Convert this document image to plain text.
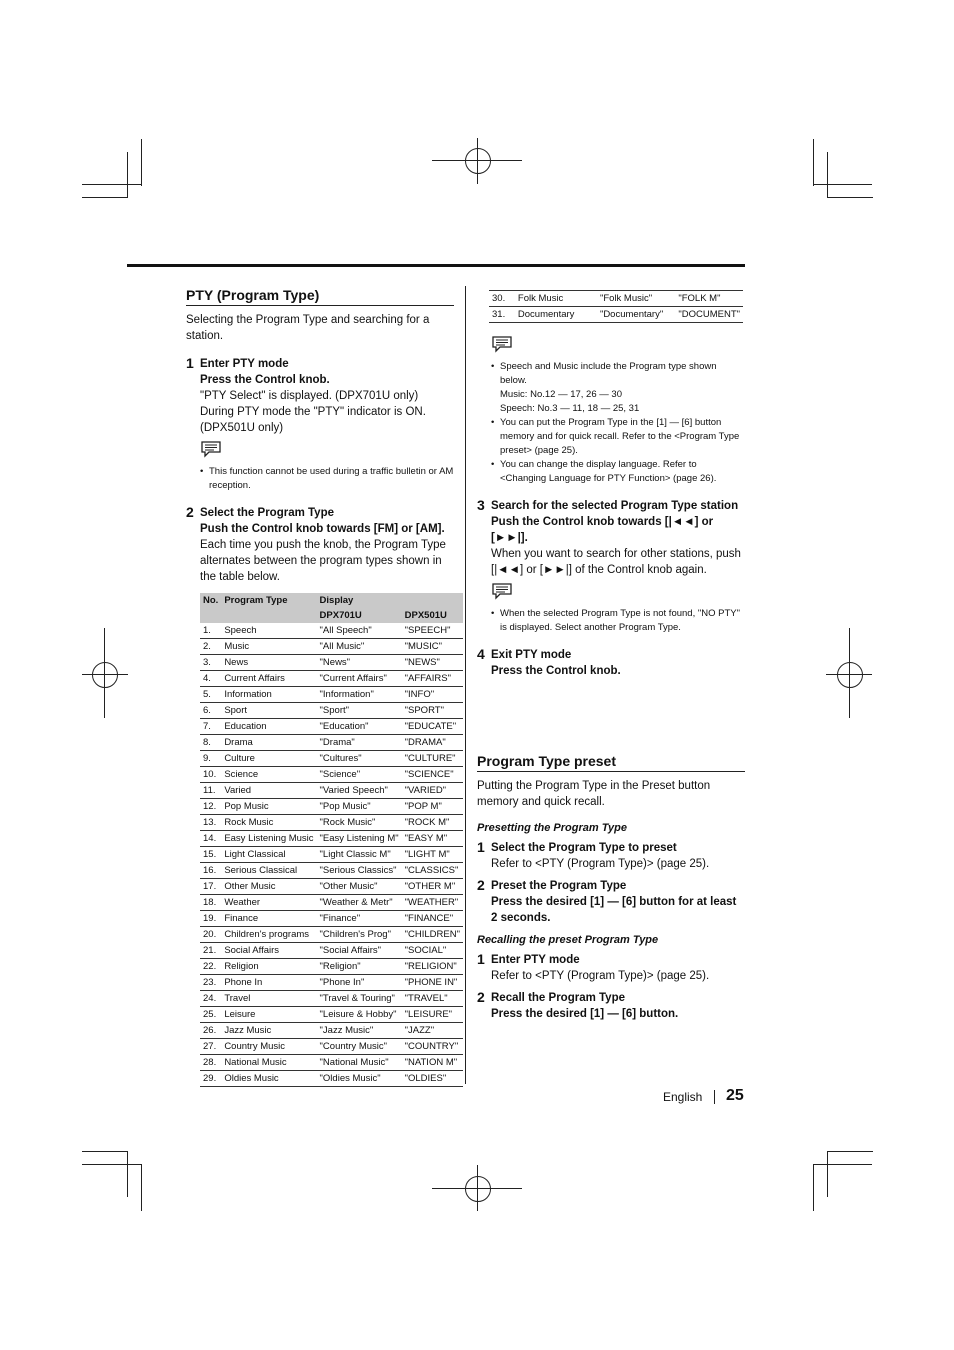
PTY (Program Type)

Selecting the Program Type and searching for a station.

1 Enter PTY mode
Press the Control knob.
"PTY Select" is displayed. (DPX701U only)
During PTY mode the "PTY" indicator is ON. (DPX501U only)
• This function cannot be used during a traffic bulletin or AM reception.
2 Select the Program Type
Push the Control knob towards [FM] or [AM].
Each time you push the knob, the Program Type alternates between the program types shown in the table below.
No.	Program Type	Display	
		DPX701U	DPX501U
1.	Speech	"All Speech"	"SPEECH"
2.	Music	"All Music"	"MUSIC"
3.	News	"News"	"NEWS"
4.	Current Affairs	"Current Affairs"	"AFFAIRS"
5.	Information	"Information"	"INFO"
6.	Sport	"Sport"	"SPORT"
7.	Education	"Education"	"EDUCATE"
8.	Drama	"Drama"	"DRAMA"
9.	Culture	"Cultures"	"CULTURE"
10.	Science	"Science"	"SCIENCE"
11.	Varied	"Varied Speech"	"VARIED"
12.	Pop Music	"Pop Music"	"POP M"
13.	Rock Music	"Rock Music"	"ROCK M"
14.	Easy Listening Music	"Easy Listening M"	"EASY M"
15.	Light Classical	"Light Classic M"	"LIGHT M"
16.	Serious Classical	"Serious Classics"	"CLASSICS"
17.	Other Music	"Other Music"	"OTHER M"
18.	Weather	"Weather & Metr"	"WEATHER"
19.	Finance	"Finance"	"FINANCE"
20.	Children's programs	"Children's Prog"	"CHILDREN"
21.	Social Affairs	"Social Affairs"	"SOCIAL"
22.	Religion	"Religion"	"RELIGION"
23.	Phone In	"Phone In"	"PHONE IN"
24.	Travel	"Travel & Touring"	"TRAVEL"
25.	Leisure	"Leisure & Hobby"	"LEISURE"
26.	Jazz Music	"Jazz Music"	"JAZZ"
27.	Country Music	"Country Music"	"COUNTRY"
28.	National Music	"National Music"	"NATION M"
29.	Oldies Music	"Oldies Music"	"OLDIES"
30.	Folk Music	"Folk Music"	"FOLK M"
31.	Documentary	"Documentary"	"DOCUMENT"
• Speech and Music include the Program type shown below.
Music: No.12 — 17, 26 — 30
Speech: No.3 — 11, 18 — 25, 31
• You can put the Program Type in the [1] — [6] button memory and for quick recall. Refer to the <Program Type preset> (page 25).
• You can change the display language. Refer to <Changing Language for PTY Function> (page 26).
3 Search for the selected Program Type station
Push the Control knob towards [|◄◄] or [►►|].
When you want to search for other stations, push [|◄◄] or [►►|] of the Control knob again.
• When the selected Program Type is not found, "NO PTY" is displayed. Select another Program Type.
4 Exit PTY mode
Press the Control knob.
Program Type preset

Putting the Program Type in the Preset button memory and quick recall.

Presetting the Program Type
1 Select the Program Type to preset
Refer to <PTY (Program Type)> (page 25).
2 Preset the Program Type
Press the desired [1] — [6] button for at least 2 seconds.
Recalling the preset Program Type
1 Enter PTY mode
Refer to <PTY (Program Type)> (page 25).
2 Recall the Program Type
Press the desired [1] — [6] button.
English 25
